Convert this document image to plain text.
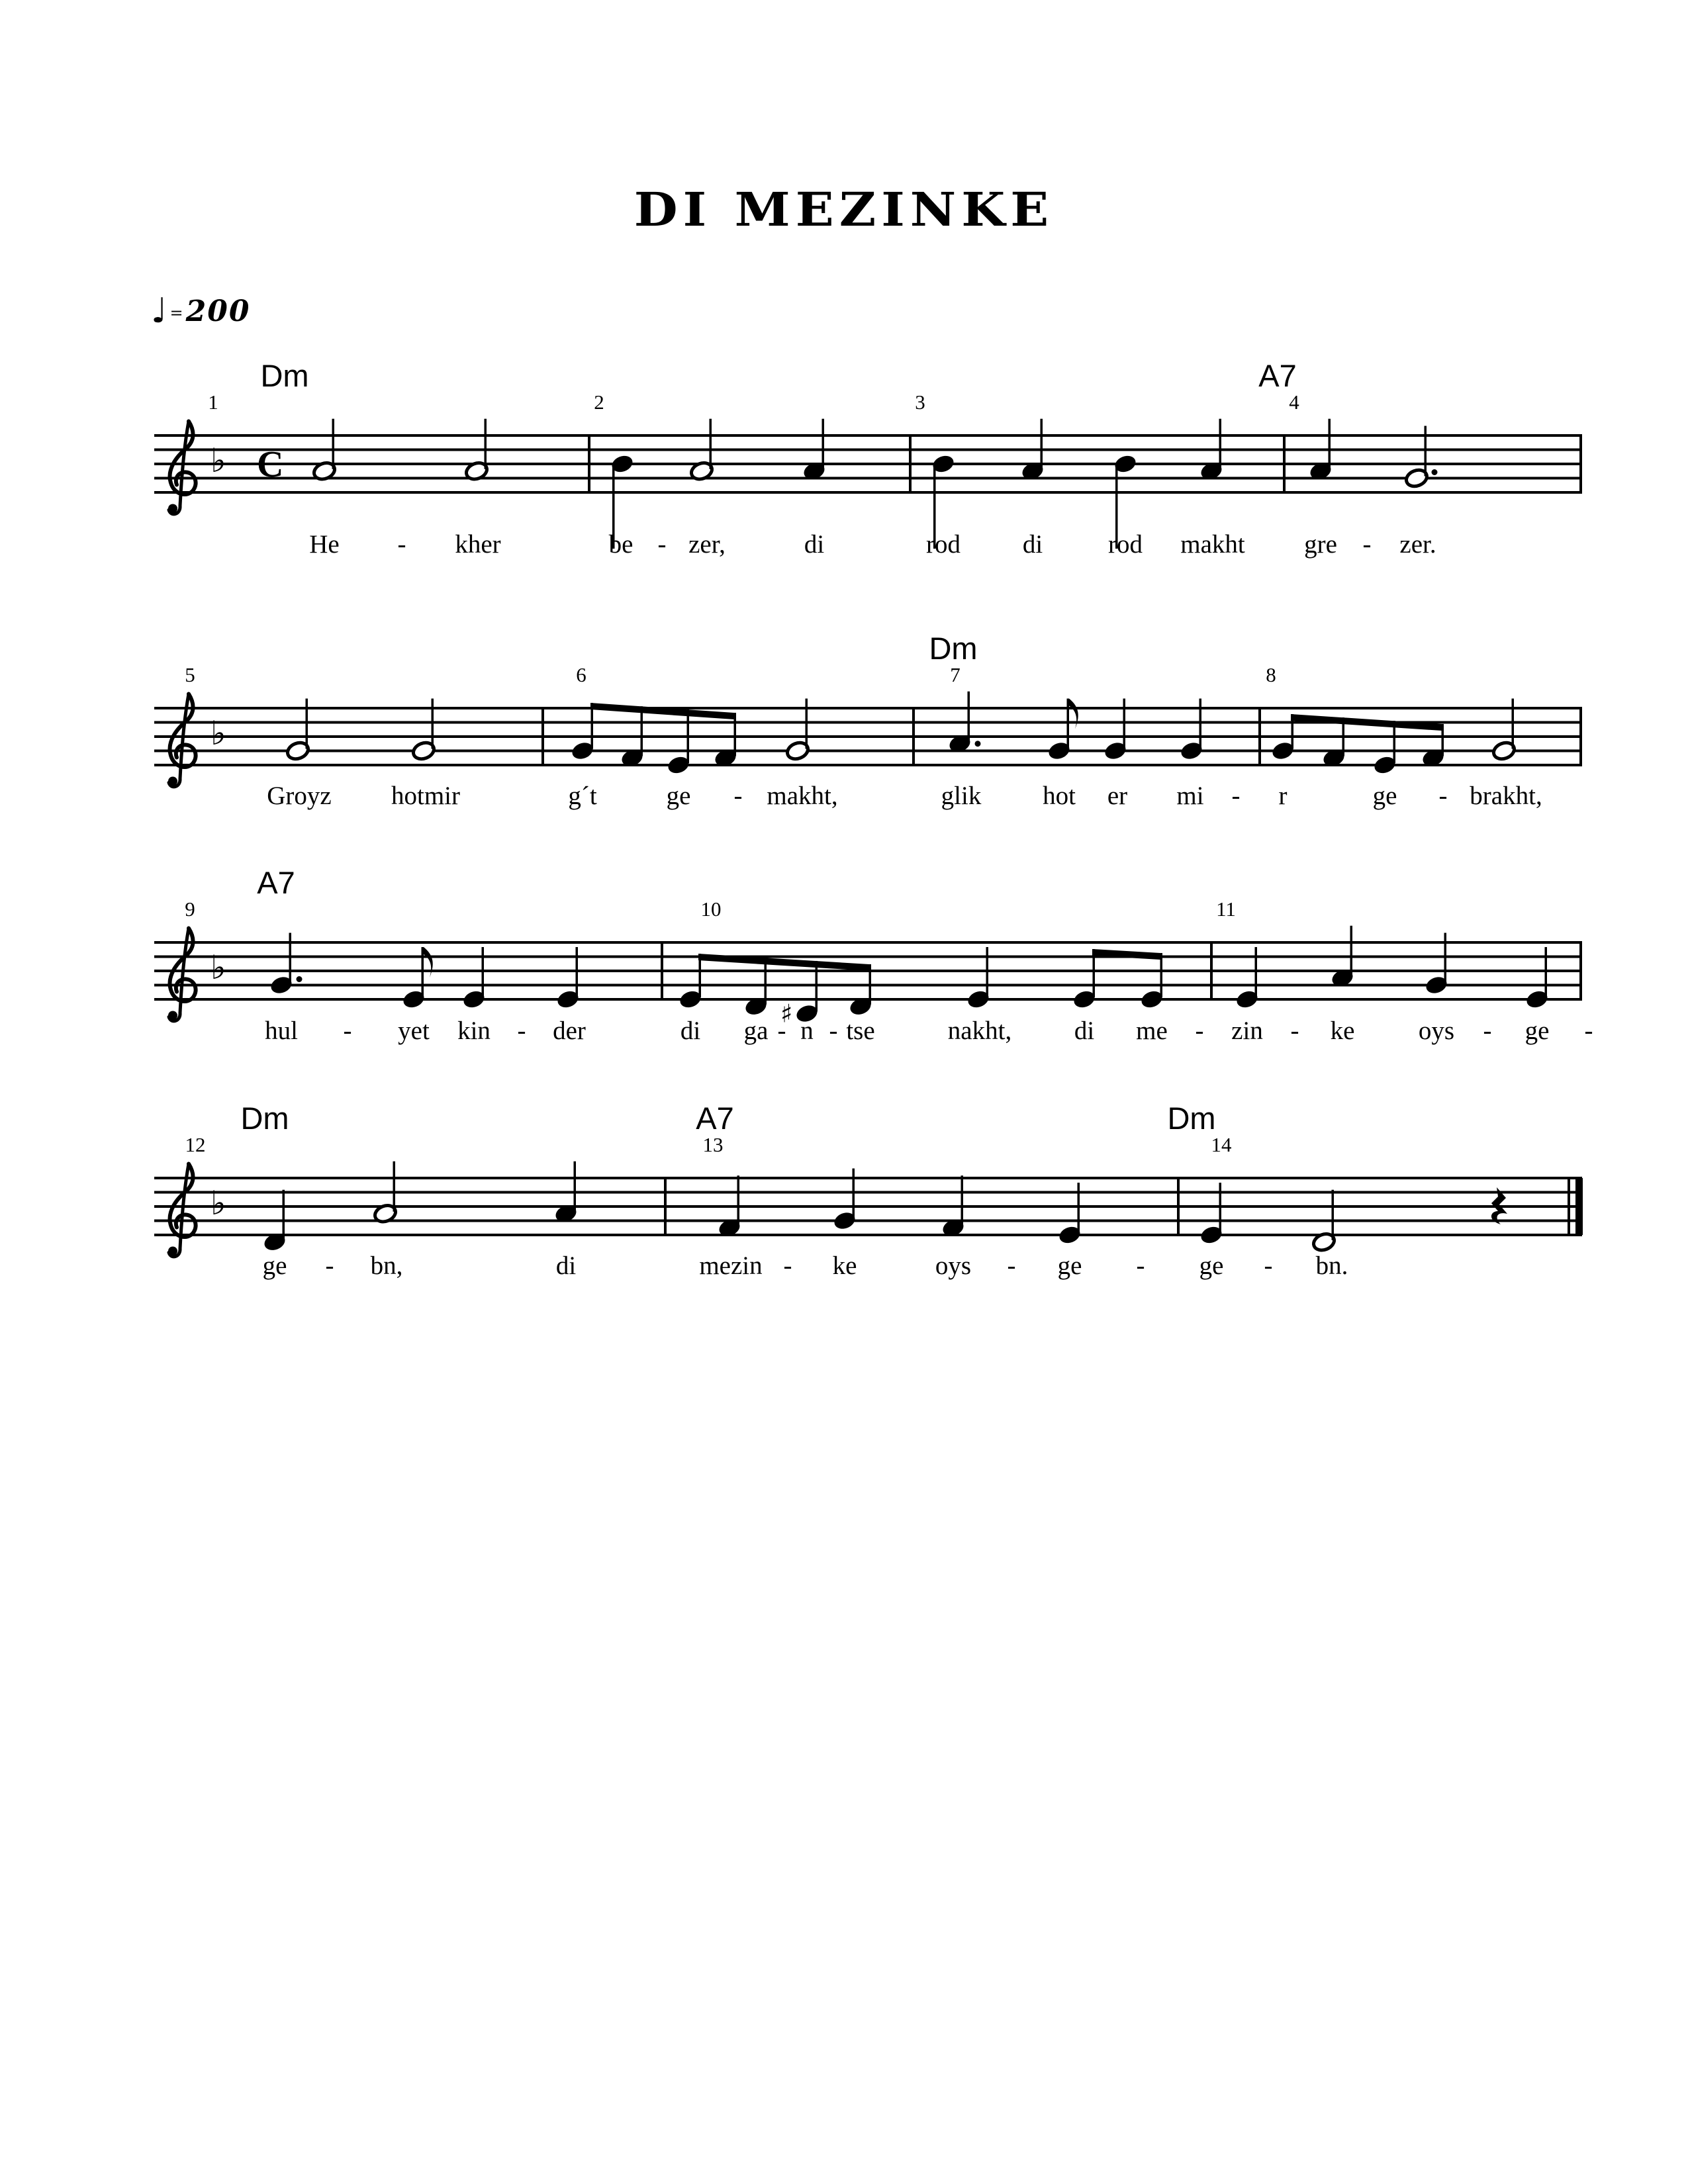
♭ C
♭
♭
♯
♭
DI MEZINKE
♩ = 200
Dm	A7
1	2	3	4
He - kher	be - zer,	di	rod di	rod makht gre - zer.
Dm
5	6	7	8
Groyz hotmir	g´t	ge - makht,	glik hot er mi - r	ge - brakht,
A7
9	10	11
hul - yet kin - der	di ga - n - tse	nakht, di me - zin - ke oys - ge -
Dm	A7	Dm
12	13	14
ge - bn,	di	mezin - ke	oys - ge - ge - bn.
